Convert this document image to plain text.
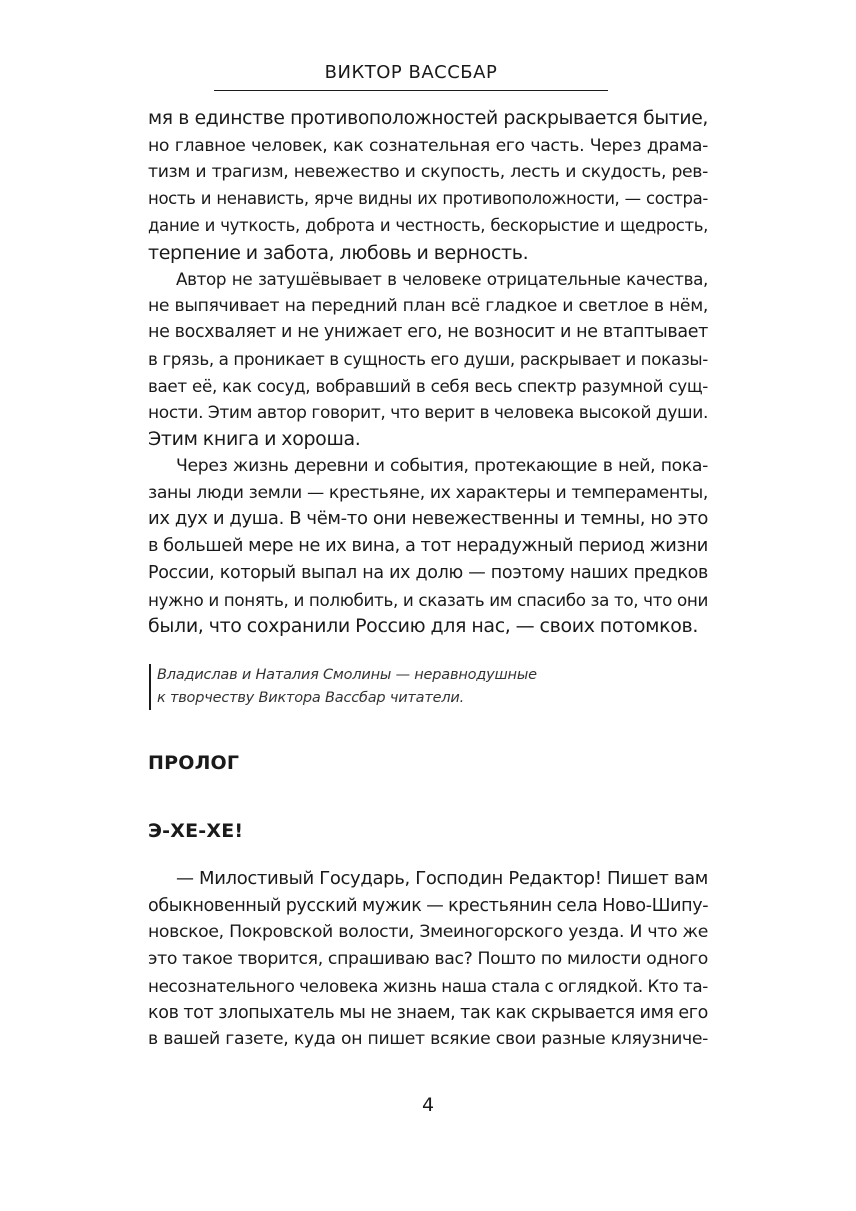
ВИКТОР ВАССБАР
мя в единстве противоположностей раскрывается бытие,
но главное человек, как сознательная его часть. Через драма-
тизм и трагизм, невежество и скупость, лесть и скудость, рев-
ность и ненависть, ярче видны их противоположности, — состра-
дание и чуткость, доброта и честность, бескорыстие и щедрость,
терпение и забота, любовь и верность.
Автор не затушёвывает в человеке отрицательные качества,
не выпячивает на передний план всё гладкое и светлое в нём,
не восхваляет и не унижает его, не возносит и не втаптывает
в грязь, а проникает в сущность его души, раскрывает и показы-
вает её, как сосуд, вобравший в себя весь спектр разумной сущ-
ности. Этим автор говорит, что верит в человека высокой души.
Этим книга и хороша.
Через жизнь деревни и события, протекающие в ней, пока-
заны люди земли — крестьяне, их характеры и темпераменты,
их дух и душа. В чём-то они невежественны и темны, но это
в большей мере не их вина, а тот нерадужный период жизни
России, который выпал на их долю — поэтому наших предков
нужно и понять, и полюбить, и сказать им спасибо за то, что они
были, что сохранили Россию для нас, — своих потомков.
Владислав и Наталия Смолины — неравнодушные
к творчеству Виктора Вассбар читатели.
ПРОЛОГ
Э-ХЕ-ХЕ!
— Милостивый Государь, Господин Редактор! Пишет вам
обыкновенный русский мужик — крестьянин села Ново-Шипу-
новское, Покровской волости, Змеиногорского уезда. И что же
это такое творится, спрашиваю вас? Пошто по милости одного
несознательного человека жизнь наша стала с оглядкой. Кто та-
ков тот злопыхатель мы не знаем, так как скрывается имя его
в вашей газете, куда он пишет всякие свои разные кляузниче-
4
